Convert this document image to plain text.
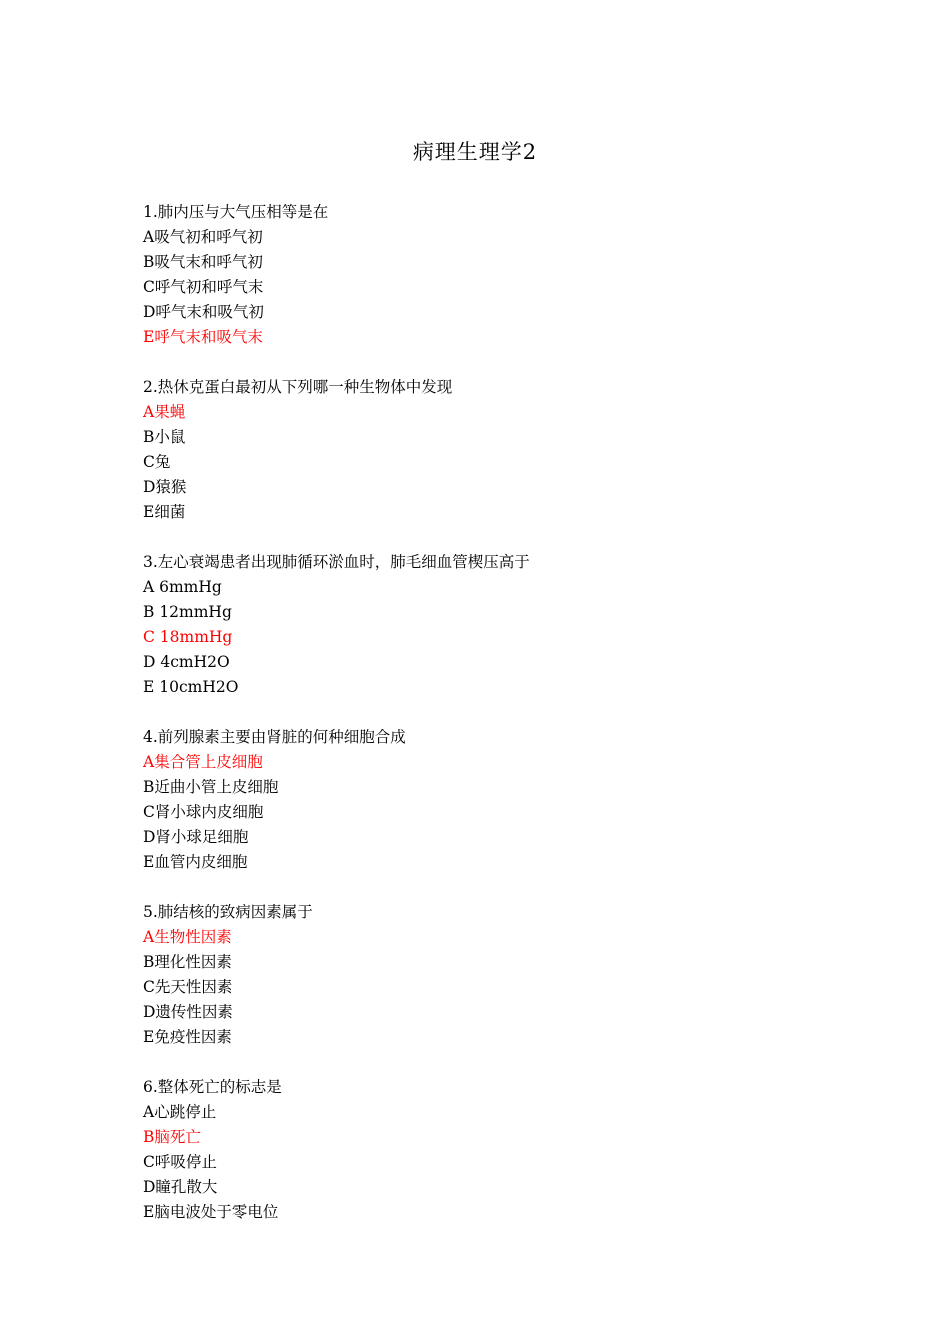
病理生理学2
1.肺内压与大气压相等是在
A吸气初和呼气初
B吸气末和呼气初
C呼气初和呼气末
D呼气末和吸气初
E呼气末和吸气末
2.热休克蛋白最初从下列哪一种生物体中发现
A果蝇
B小鼠
C兔
D猿猴
E细菌
3.左心衰竭患者出现肺循环淤血时，肺毛细血管楔压高于
A 6mmHg
B 12mmHg
C 18mmHg
D 4cmH2O
E 10cmH2O
4.前列腺素主要由肾脏的何种细胞合成
A集合管上皮细胞
B近曲小管上皮细胞
C肾小球内皮细胞
D肾小球足细胞
E血管内皮细胞
5.肺结核的致病因素属于
A生物性因素
B理化性因素
C先天性因素
D遗传性因素
E免疫性因素
6.整体死亡的标志是
A心跳停止
B脑死亡
C呼吸停止
D瞳孔散大
E脑电波处于零电位
